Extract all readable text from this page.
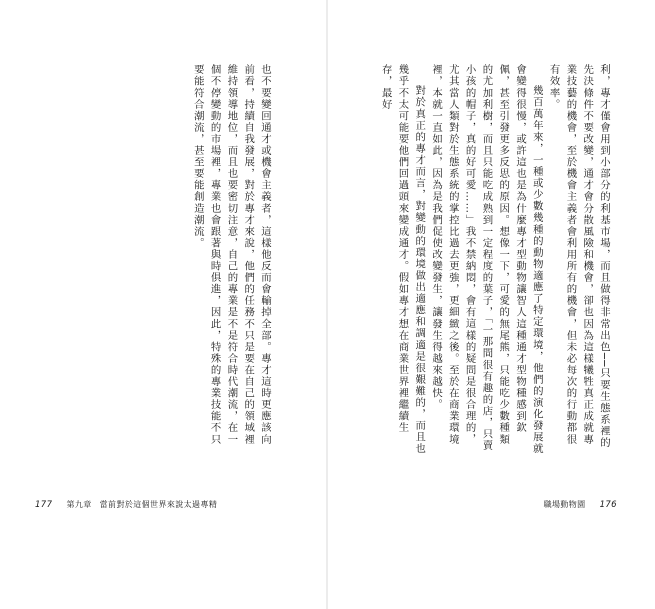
也不要變回通才或機會主義者，這樣他反而會輸掉全部。專才這時更應該向前看，持續自我發展，對於專才來說，他們的任務不只是要在自己的領域裡維持領導地位，而且也要密切注意，自己的專業是不是符合時代潮流，在一個不停變動的市場裡，專業也會跟著與時俱進，因此，特殊的專業技能不只要能符合潮流，甚至要能創造潮流。

177 第九章 當前對於這個世界來說太過專精

利，專才僅會用到小部分的利基市場，而且做得非常出色──只要生態系裡的先決條件不要改變，通才會分散風險和機會，卻也因為這樣犧牲真正成就專業技藝的機會，至於機會主義者會利用所有的機會，但未必每次的行動都很有效率。

幾百萬年來，一種或少數幾種的動物適應了特定環境，他們的演化發展就會變得很慢，或許這也是為什麼專才型動物讓智人這種通才型物種感到欽佩，甚至引發更多反思的原因。想像一下，可愛的無尾熊，只能吃少數種類的尤加利樹，而且只能吃成熟到一定程度的葉子，「一那間很有趣的店，只賣小孩的帽子，真的好可愛……」我不禁納悶，會有這樣的疑問是很合理的，尤其當人類對於生態系統的掌控比過去更強，更細緻之後。至於在商業環境裡，本就一直如此，因為是我們促使改變發生，讓發生得越來越快。

對於真正的專才而言，對變動的環境做出適應和調適是很艱難的，而且也幾乎不太可能要他們回過頭來變成通才。假如專才想在商業世界裡繼續生存，最好

職場動物園 176
